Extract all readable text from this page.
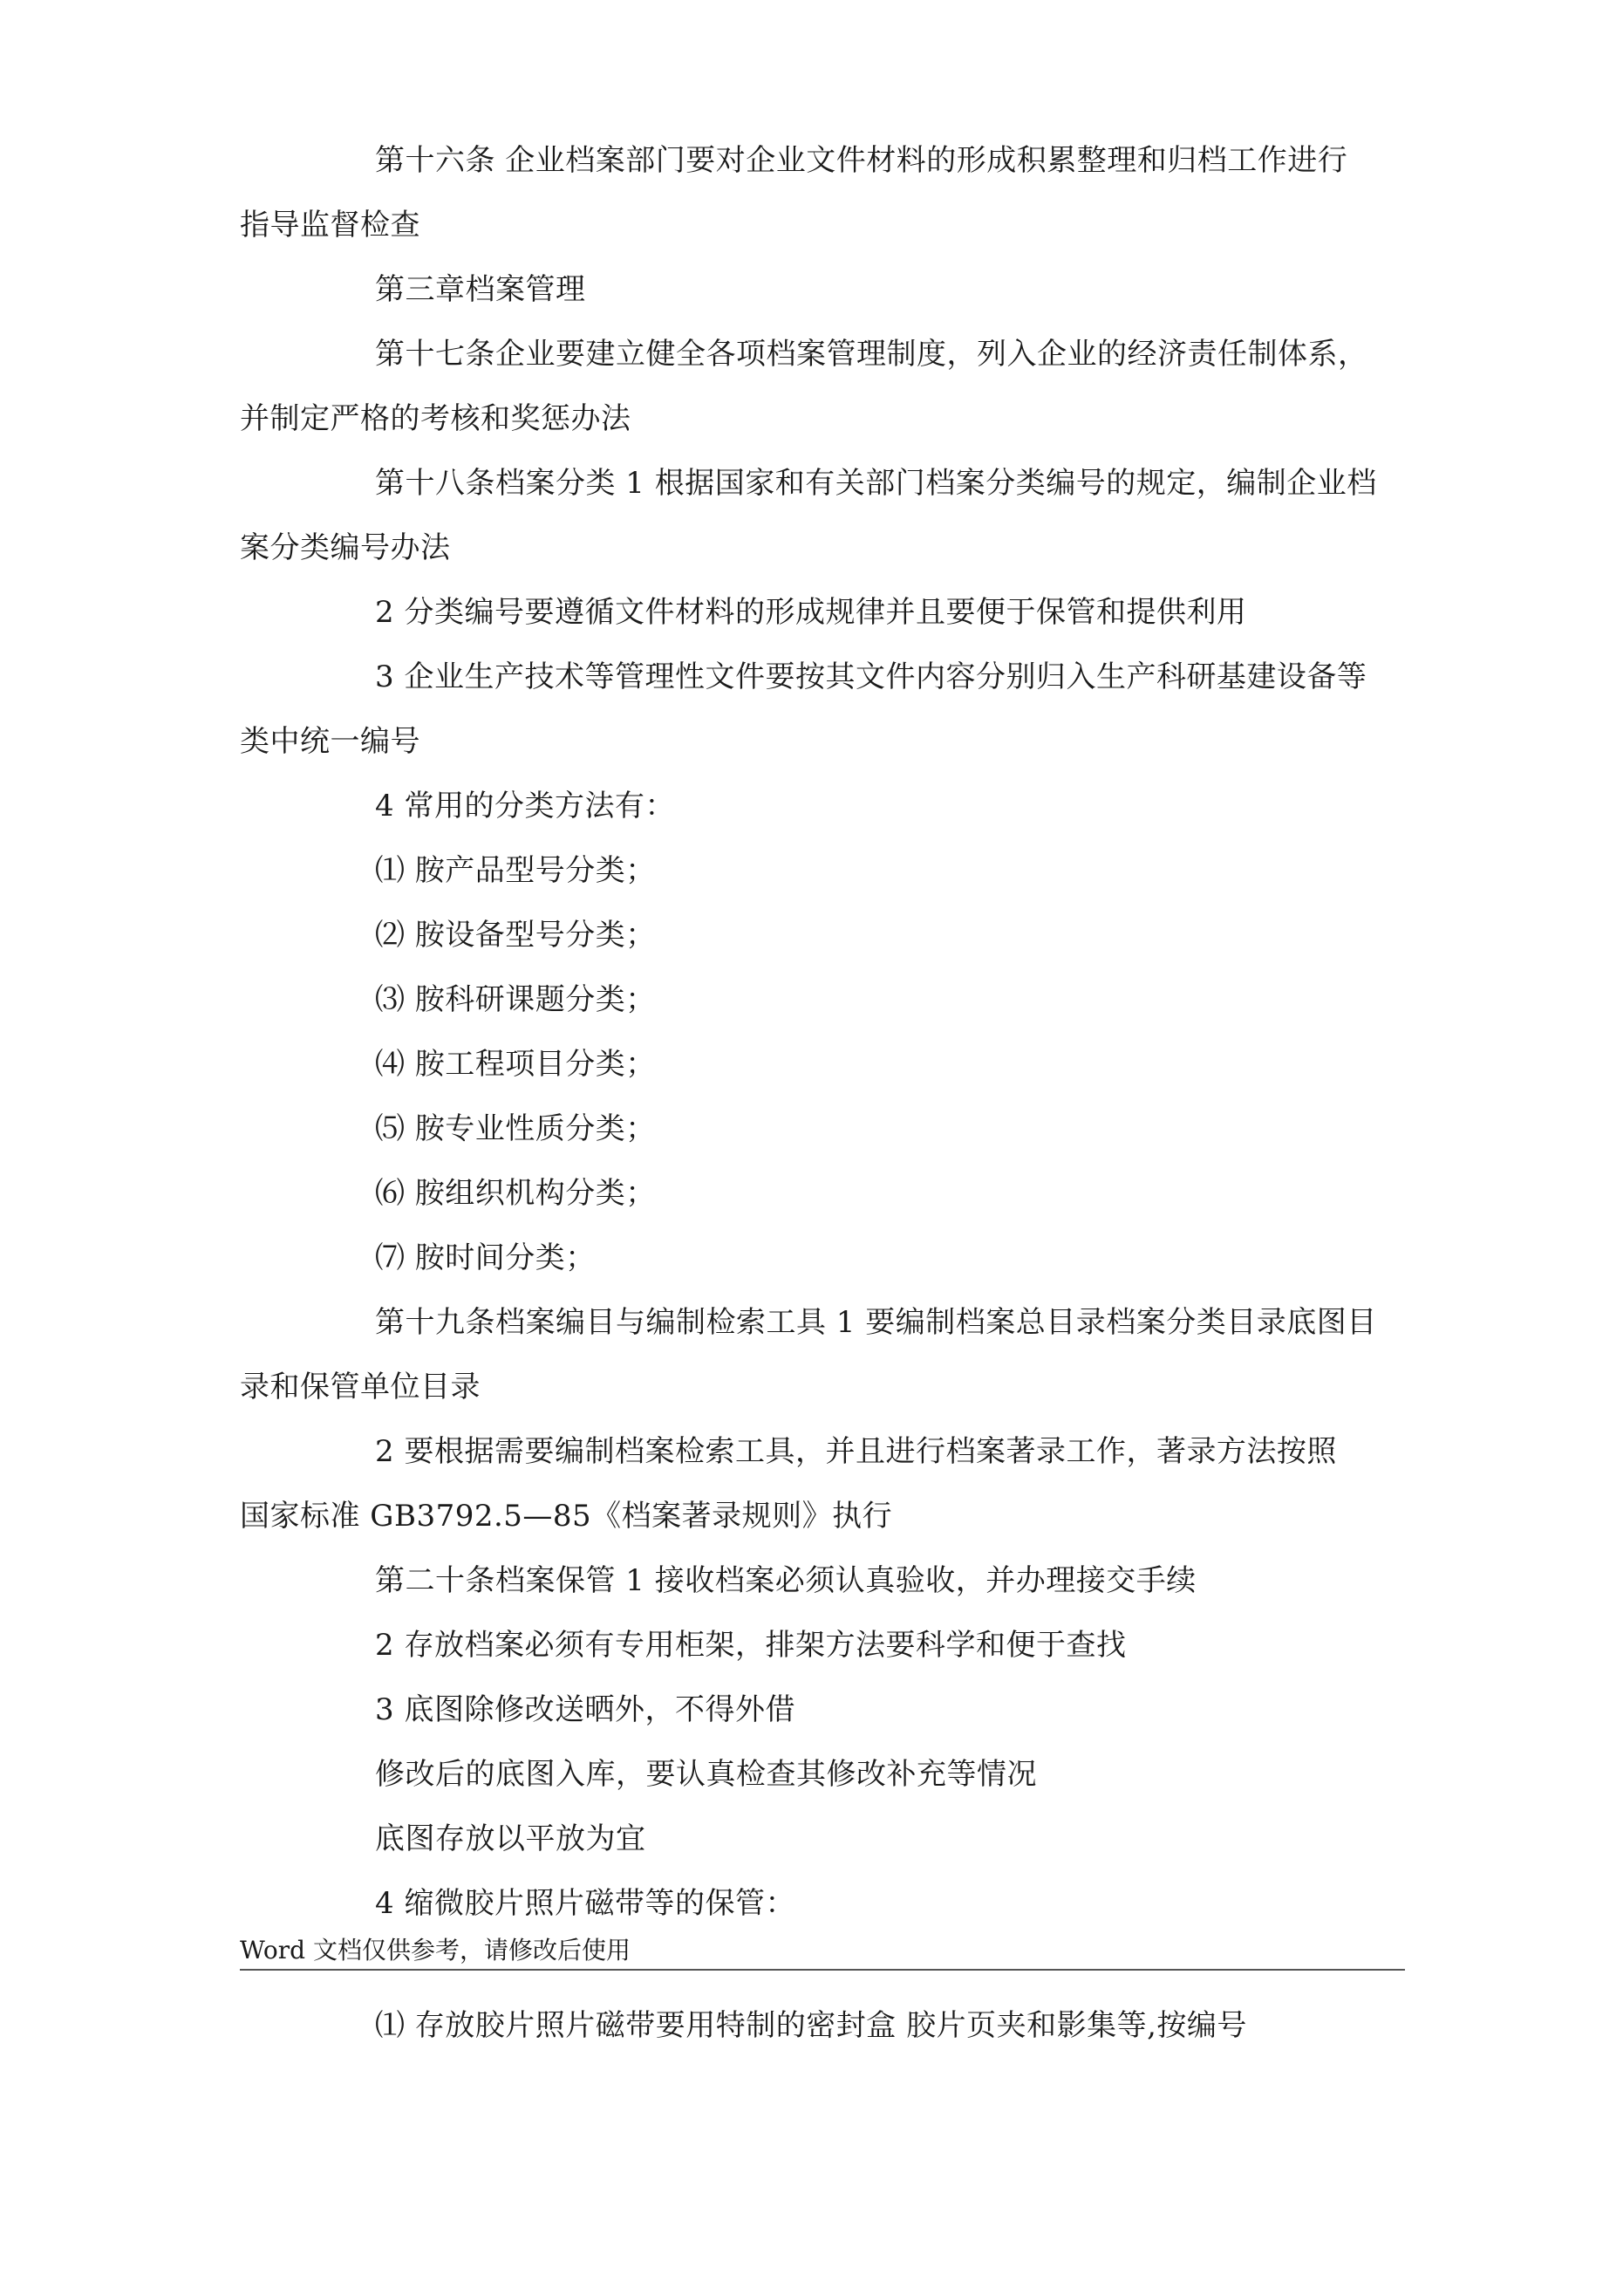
第十六条 企业档案部门要对企业文件材料的形成积累整理和归档工作进行
指导监督检查
第三章档案管理
第十七条企业要建立健全各项档案管理制度，列入企业的经济责任制体系，
并制定严格的考核和奖惩办法
第十八条档案分类 1 根据国家和有关部门档案分类编号的规定，编制企业档
案分类编号办法
2 分类编号要遵循文件材料的形成规律并且要便于保管和提供利用
3 企业生产技术等管理性文件要按其文件内容分别归入生产科研基建设备等
类中统一编号
4 常用的分类方法有：
⑴ 胺产品型号分类；
⑵ 胺设备型号分类；
⑶ 胺科研课题分类；
⑷ 胺工程项目分类；
⑸ 胺专业性质分类；
⑹ 胺组织机构分类；
⑺ 胺时间分类；
第十九条档案编目与编制检索工具 1 要编制档案总目录档案分类目录底图目
录和保管单位目录
2 要根据需要编制档案检索工具，并且进行档案著录工作，著录方法按照
国家标准 GB3792.5—85《档案著录规则》执行
第二十条档案保管 1 接收档案必须认真验收，并办理接交手续
2 存放档案必须有专用柜架，排架方法要科学和便于查找
3 底图除修改送晒外，不得外借
修改后的底图入库，要认真检查其修改补充等情况
底图存放以平放为宜
4 缩微胶片照片磁带等的保管：
Word 文档仅供参考，请修改后使用
⑴ 存放胶片照片磁带要用特制的密封盒 胶片页夹和影集等,按编号
